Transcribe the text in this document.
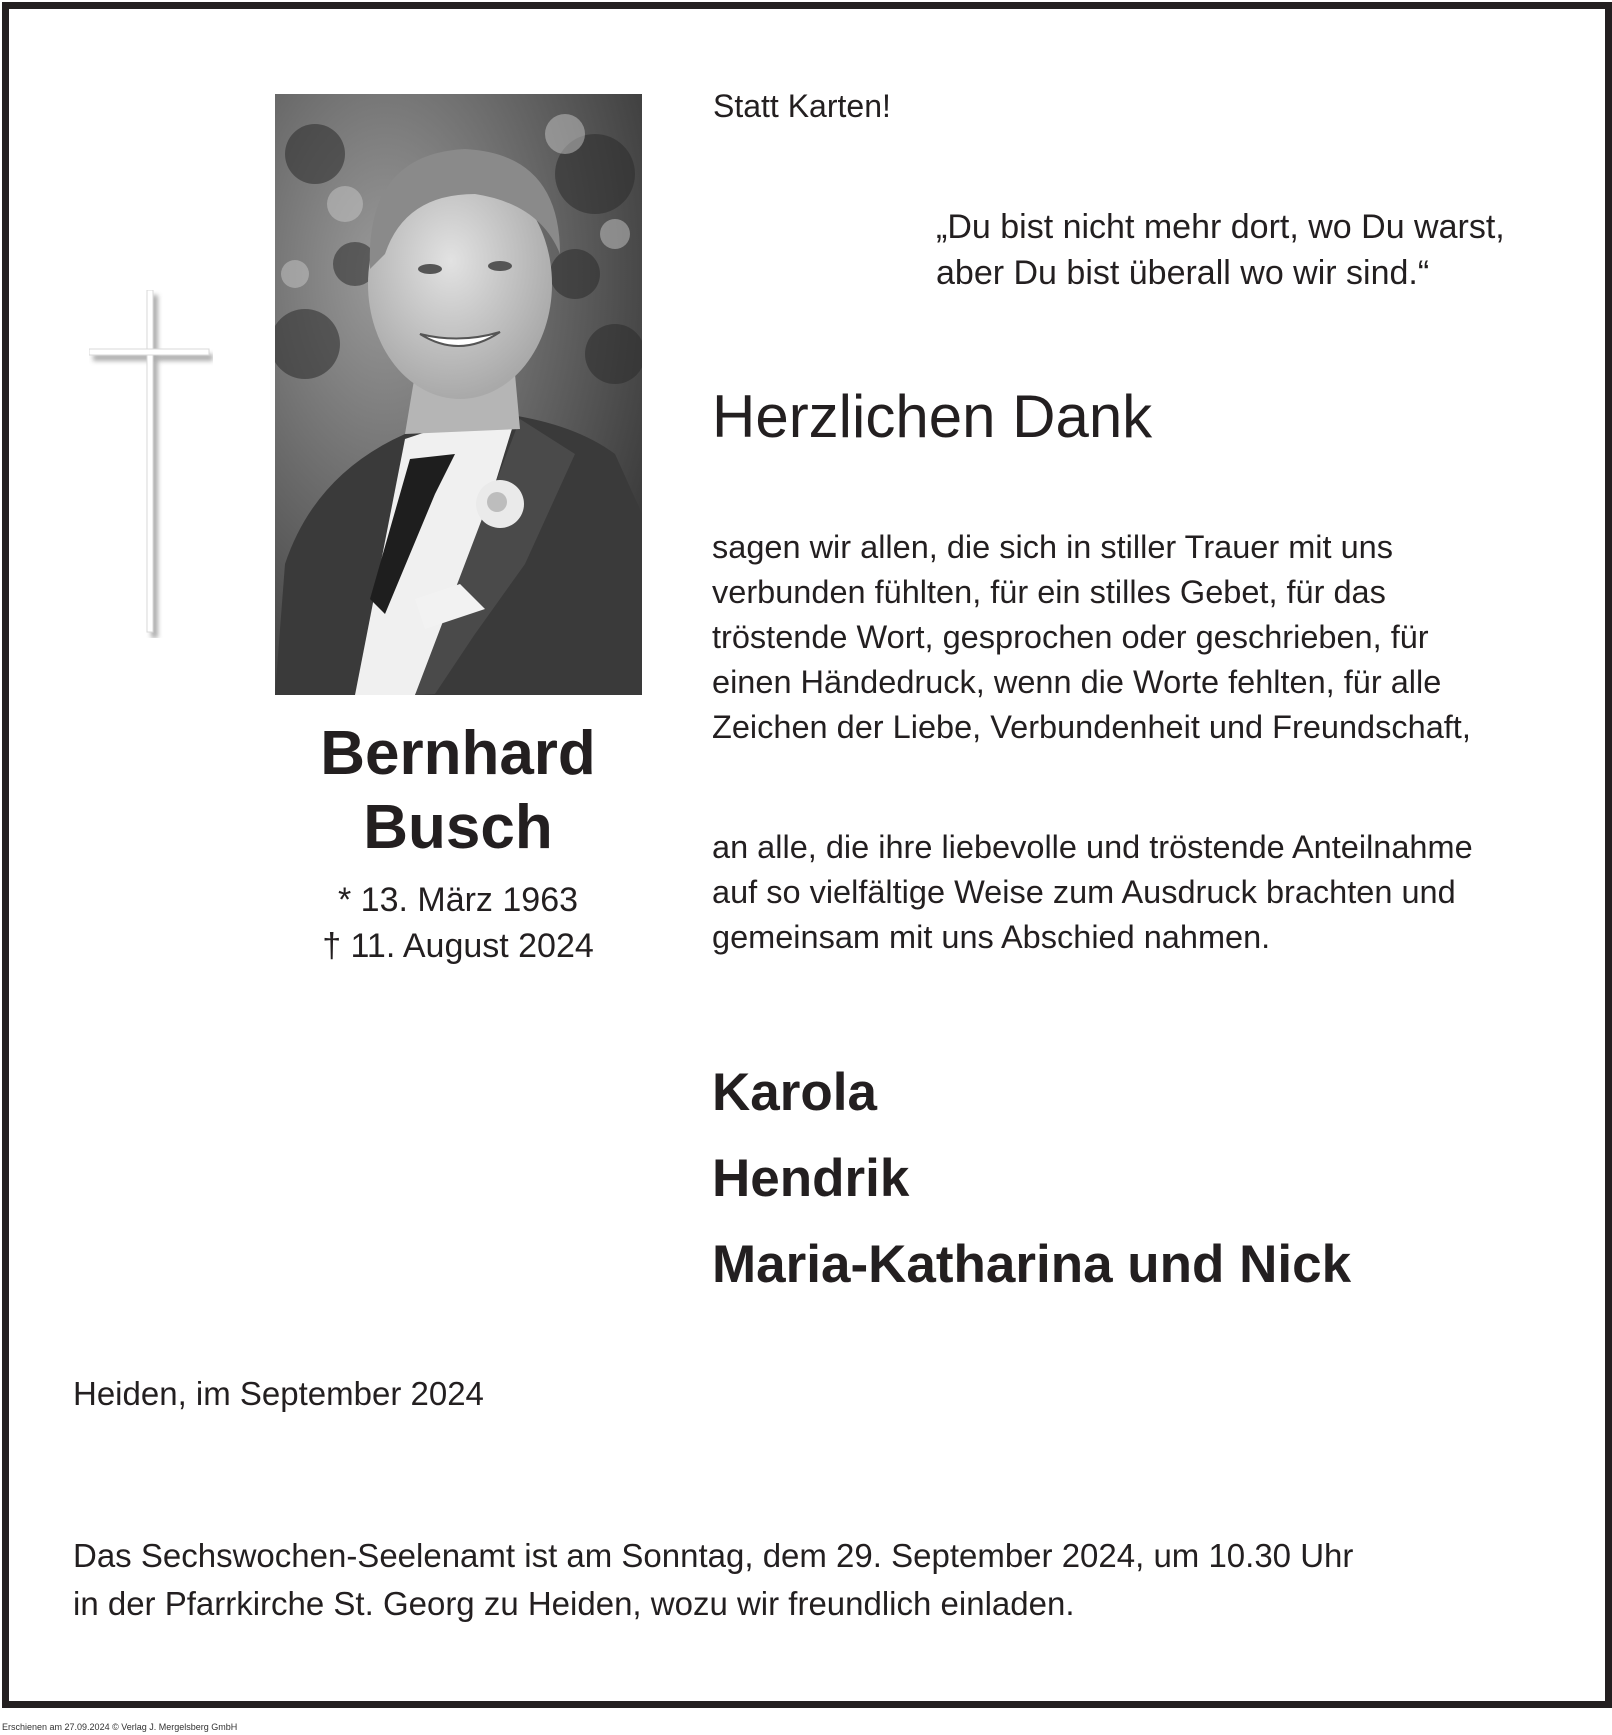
Bernhard
Busch
* 13. März 1963
† 11. August 2024
Statt Karten!
„Du bist nicht mehr dort, wo Du warst,
aber Du bist überall wo wir sind.“
Herzlichen Dank
sagen wir allen, die sich in stiller Trauer mit uns
verbunden fühlten, für ein stilles Gebet, für das
tröstende Wort, gesprochen oder geschrieben, für
einen Händedruck, wenn die Worte fehlten, für alle
Zeichen der Liebe, Verbundenheit und Freundschaft,
an alle, die ihre liebevolle und tröstende Anteilnahme
auf so vielfältige Weise zum Ausdruck brachten und
gemeinsam mit uns Abschied nahmen.
Karola
Hendrik
Maria-Katharina und Nick
Heiden, im September 2024
Das Sechswochen-Seelenamt ist am Sonntag, dem 29. September 2024, um 10.30 Uhr
in der Pfarrkirche St. Georg zu Heiden, wozu wir freundlich einladen.
Erschienen am 27.09.2024 © Verlag J. Mergelsberg GmbH
